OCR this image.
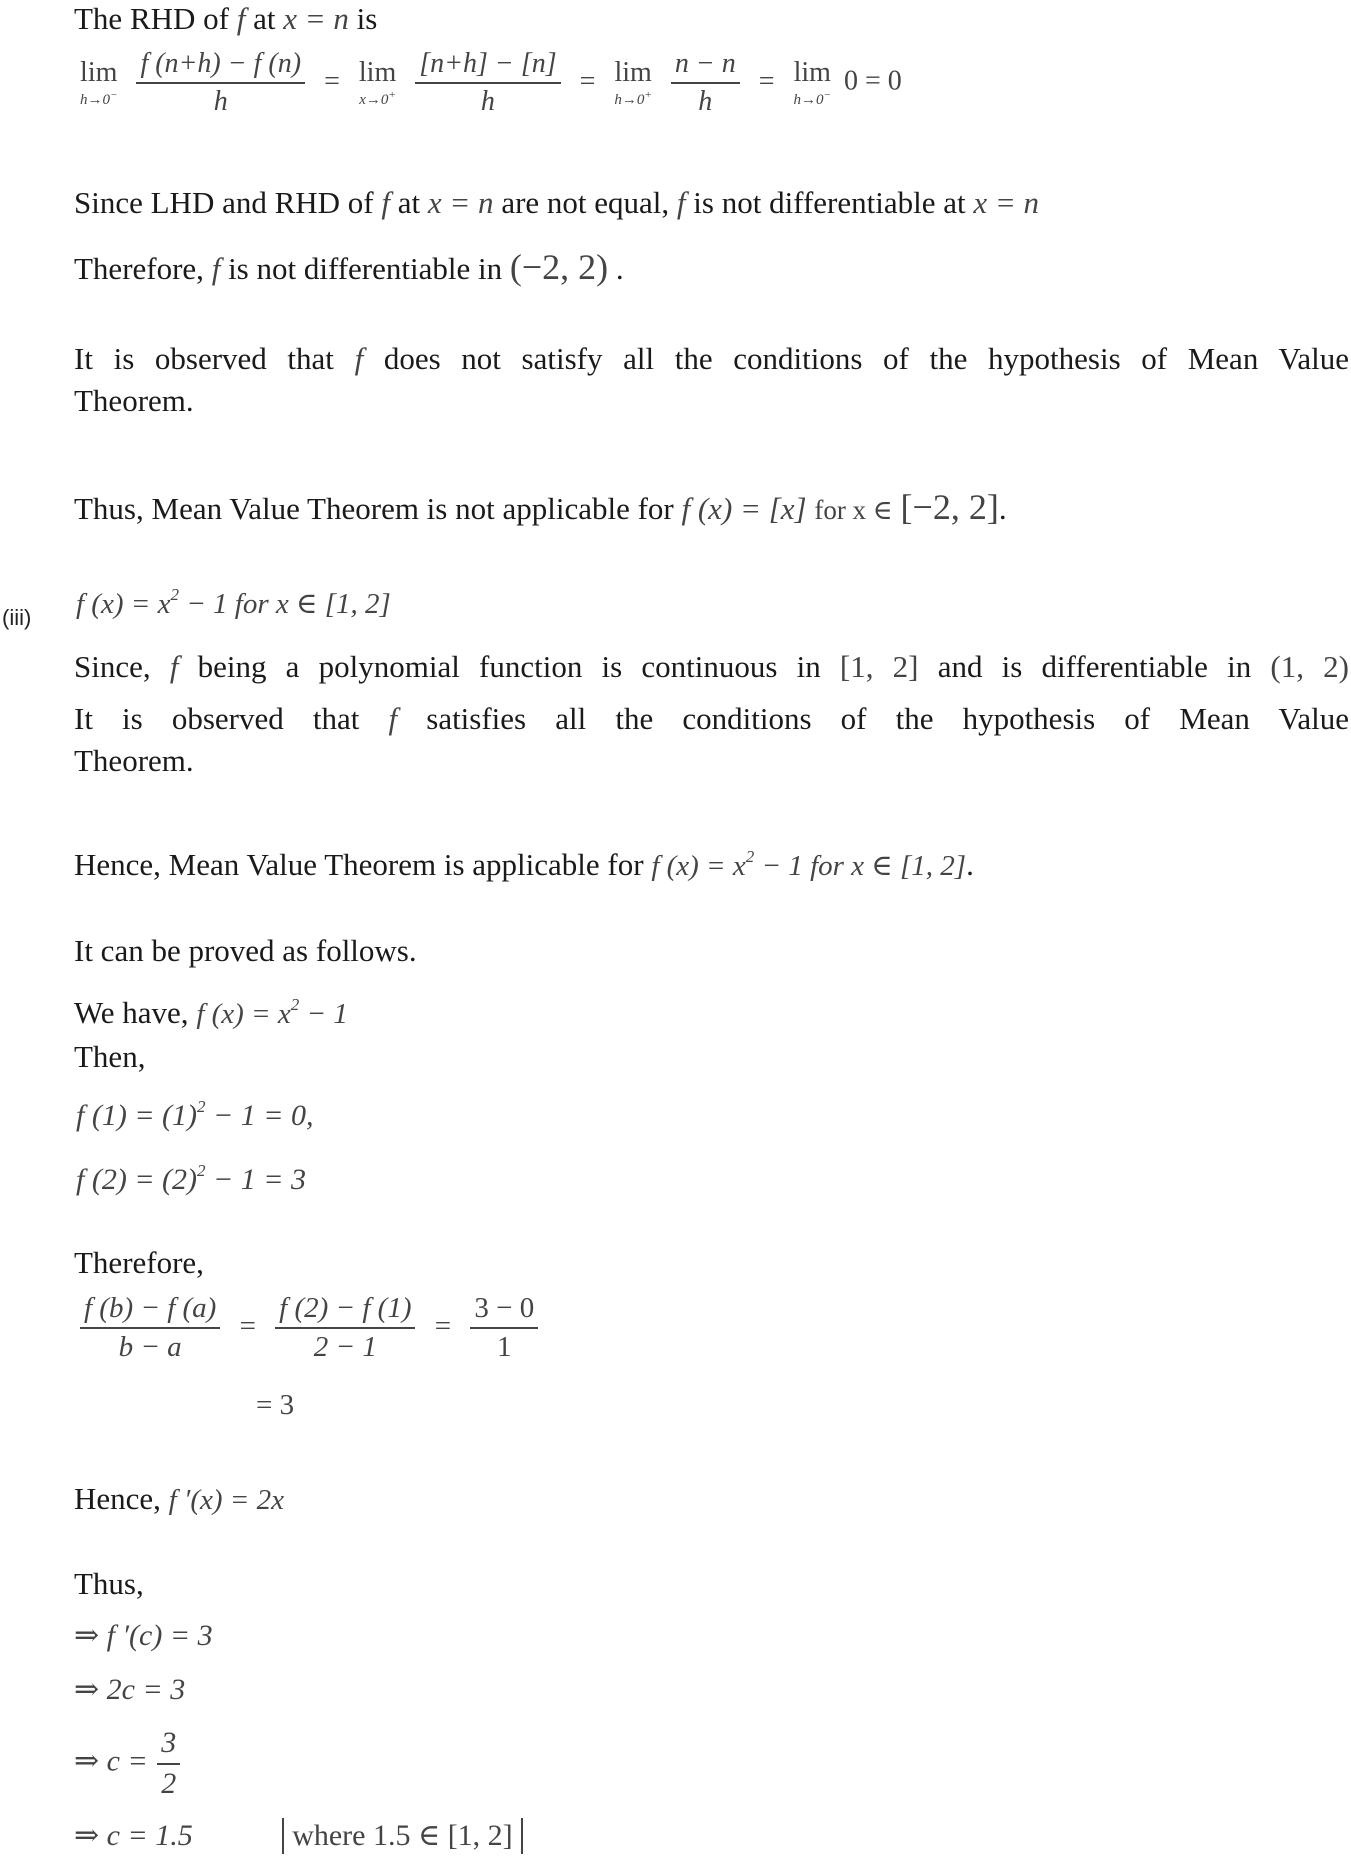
The RHD of f at x = n is
lim
h→0−
$\frac{f (n+h) - f (n)}{h} = \lim$
x→0+
$\frac{[n+h] - [n]}{h} = \lim$
h→0+
$\frac{n - n}{h} = \lim$
h→0− 0 = 0
Since LHD and RHD of f at x = n are not equal, f is not differentiable at x = n
Therefore, f is not differentiable in (−2, 2) .
It is observed that f does not satisfy all the conditions of the hypothesis of Mean Value
Theorem.
Thus, Mean Value Theorem is not applicable for f (x) = [x] for x ∈ [−2, 2].
(iii) f $(x) = x^2 - 1$ for x ∈ [1, 2]
Since, f being a polynomial function is continuous in [1, 2] and is differentiable in (1, 2)
It is observed that f satisfies all the conditions of the hypothesis of Mean Value
Theorem.
Hence, Mean Value Theorem is applicable for f $(x) = x^2 - 1$ for x ∈ [1, 2].
It can be proved as follows.
We have, f $(x) = x^2 - 1$
Then,
f $(1) = (1)^2 - 1 = 0$,
f $(2) = (2)^2 - 1 = 3$
Therefore,
$\frac{f (b) - f (a)}{b - a} = \frac{f (2) - f (1)}{2 - 1} = \frac{3 - 0}{1}$
= 3
Hence, f ′(x) = 2x
Thus,
⇒ f ′(c) = 3
⇒ 2c = 3
⇒ $c = \frac{3}{2}$
⇒ c = 1.5	where 1.5 ∈ [1, 2]
